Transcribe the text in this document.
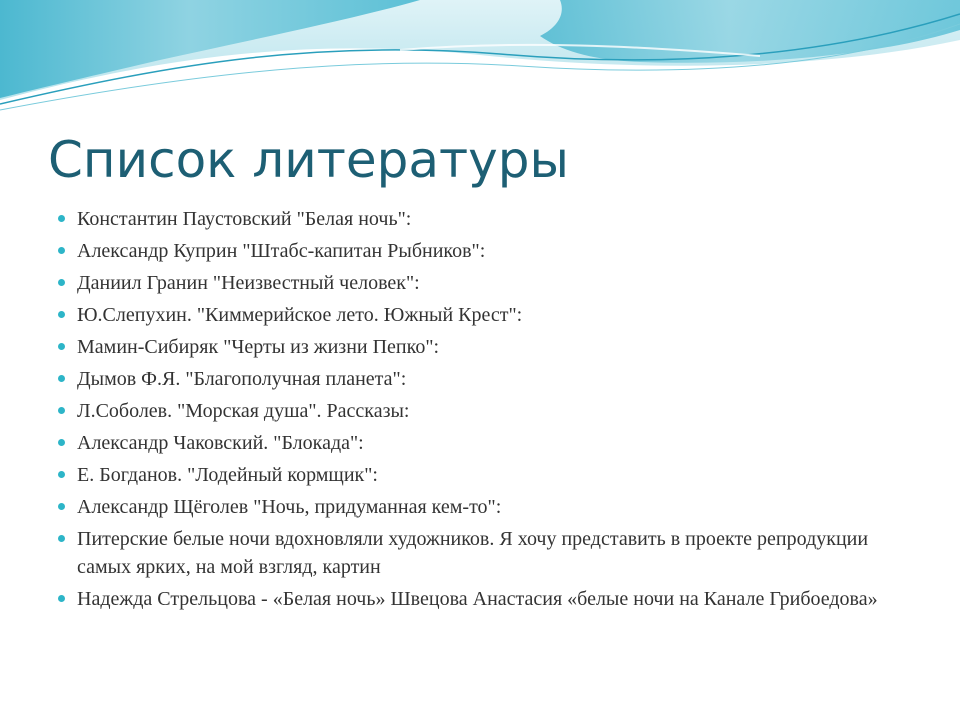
Список литературы
Константин Паустовский "Белая ночь":
Александр Куприн "Штабс-капитан Рыбников":
Даниил Гранин "Неизвестный человек":
Ю.Слепухин. "Киммерийское лето. Южный Крест":
Мамин-Сибиряк "Черты из жизни Пепко":
Дымов Ф.Я. "Благополучная планета":
Л.Соболев. "Морская душа". Рассказы:
Александр Чаковский. "Блокада":
Е. Богданов. "Лодейный кормщик":
Александр Щёголев "Ночь, придуманная кем-то":
Питерские белые ночи вдохновляли художников. Я хочу представить в проекте репродукции самых ярких, на мой взгляд, картин
Надежда Стрельцова - «Белая ночь» Швецова Анастасия «белые ночи на Канале Грибоедова»
